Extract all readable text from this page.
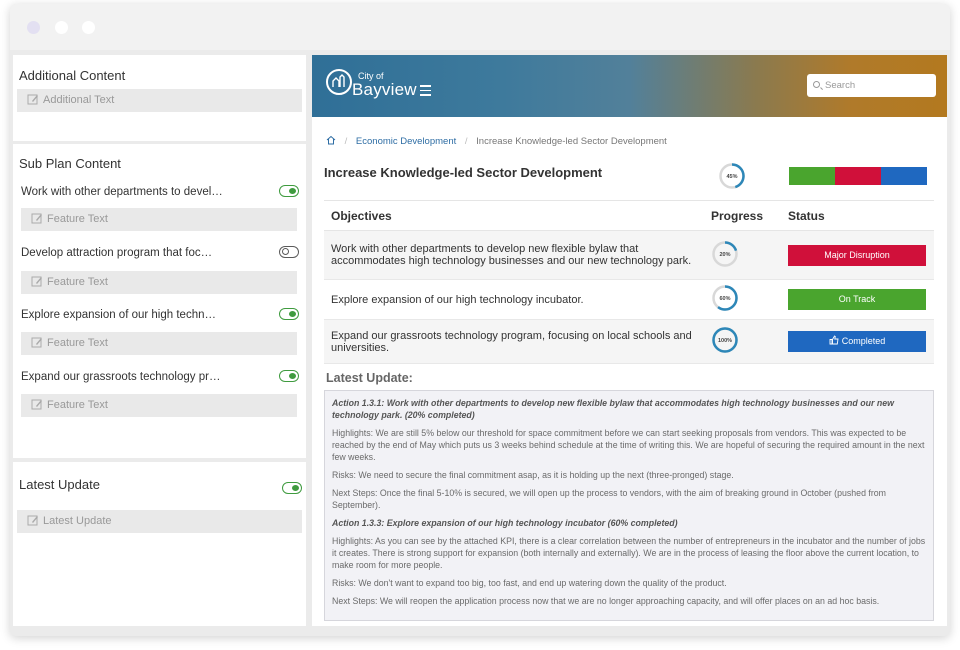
Additional Content
Additional Text
Sub Plan Content
Work with other departments to devel…
Feature Text
Develop attraction program that foc…
Feature Text
Explore expansion of our high techn…
Feature Text
Expand our grassroots technology pr…
Feature Text
Latest Update
Latest Update
City of
Bayview	Search
/ Economic Development / Increase Knowledge-led Sector Development
Increase Knowledge-led Sector Development	45%
Objectives	Progress	Status
Work with other departments to develop new flexible bylaw that accommodates high technology businesses and our new technology park.	20%	Major Disruption

Explore expansion of our high technology incubator.	60%	On Track

Expand our grassroots technology program, focusing on local schools and universities.	100%	Completed
Latest Update:

Action 1.3.1: Work with other departments to develop new flexible bylaw that accommodates high technology businesses and our new technology park. (20% completed)

Highlights: We are still 5% below our threshold for space commitment before we can start seeking proposals from vendors. This was expected to be reached by the end of May which puts us 3 weeks behind schedule at the time of writing this. We are hopeful of securing the required amount in the next few weeks.

Risks: We need to secure the final commitment asap, as it is holding up the next (three-pronged) stage.

Next Steps: Once the final 5-10% is secured, we will open up the process to vendors, with the aim of breaking ground in October (pushed from September).

Action 1.3.3: Explore expansion of our high technology incubator (60% completed)

Highlights: As you can see by the attached KPI, there is a clear correlation between the number of entrepreneurs in the incubator and the number of jobs it creates. There is strong support for expansion (both internally and externally). We are in the process of leasing the floor above the current location, to make room for more people.

Risks: We don't want to expand too big, too fast, and end up watering down the quality of the product.

Next Steps: We will reopen the application process now that we are no longer approaching capacity, and will offer places on an ad hoc basis.
